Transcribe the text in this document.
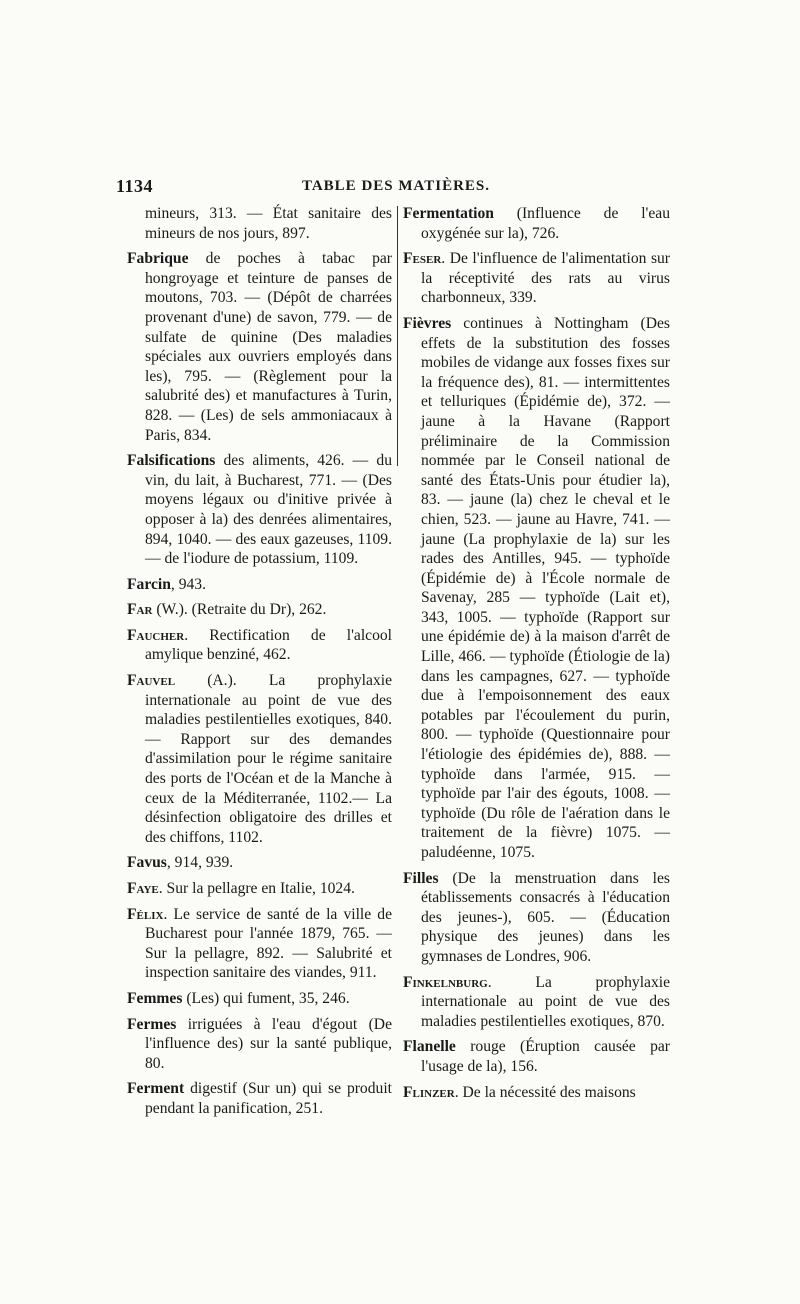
1134	TABLE DES MATIÈRES.

mineurs, 313. — État sanitaire des mineurs de nos jours, 897.

Fabrique de poches à tabac par hongroyage et teinture de panses de moutons, 703. — (Dépôt de charrées provenant d'une) de savon, 779. — de sulfate de quinine (Des maladies spéciales aux ouvriers employés dans les), 795. — (Règlement pour la salubrité des) et manufactures à Turin, 828. — (Les) de sels ammoniacaux à Paris, 834.

Falsifications des aliments, 426. — du vin, du lait, à Bucharest, 771. — (Des moyens légaux ou d'initive privée à opposer à la) des denrées alimentaires, 894, 1040. — des eaux gazeuses, 1109. — de l'iodure de potassium, 1109.

Farcin, 943.

Far (W.). (Retraite du Dr), 262.

Faucher. Rectification de l'alcool amylique benziné, 462.

Fauvel (A.). La prophylaxie internationale au point de vue des maladies pestilentielles exotiques, 840. — Rapport sur des demandes d'assimilation pour le régime sanitaire des ports de l'Océan et de la Manche à ceux de la Méditerranée, 1102.— La désinfection obligatoire des drilles et des chiffons, 1102.

Favus, 914, 939.

Faye. Sur la pellagre en Italie, 1024.

Félix. Le service de santé de la ville de Bucharest pour l'année 1879, 765. — Sur la pellagre, 892. — Salubrité et inspection sanitaire des viandes, 911.

Femmes (Les) qui fument, 35, 246.

Fermes irriguées à l'eau d'égout (De l'influence des) sur la santé publique, 80.

Ferment digestif (Sur un) qui se produit pendant la panification, 251.

Fermentation (Influence de l'eau oxygénée sur la), 726.

Feser. De l'influence de l'alimentation sur la réceptivité des rats au virus charbonneux, 339.

Fièvres continues à Nottingham (Des effets de la substitution des fosses mobiles de vidange aux fosses fixes sur la fréquence des), 81. — intermittentes et telluriques (Épidémie de), 372. — jaune à la Havane (Rapport préliminaire de la Commission nommée par le Conseil national de santé des États-Unis pour étudier la), 83. — jaune (la) chez le cheval et le chien, 523. — jaune au Havre, 741. — jaune (La prophylaxie de la) sur les rades des Antilles, 945. — typhoïde (Épidémie de) à l'École normale de Savenay, 285 — typhoïde (Lait et), 343, 1005. — typhoïde (Rapport sur une épidémie de) à la maison d'arrêt de Lille, 466. — typhoïde (Étiologie de la) dans les campagnes, 627. — typhoïde due à l'empoisonnement des eaux potables par l'écoulement du purin, 800. — typhoïde (Questionnaire pour l'étiologie des épidémies de), 888. — typhoïde dans l'armée, 915. — typhoïde par l'air des égouts, 1008. — typhoïde (Du rôle de l'aération dans le traitement de la fièvre) 1075. — paludéenne, 1075.

Filles (De la menstruation dans les établissements consacrés à l'éducation des jeunes-), 605. — (Éducation physique des jeunes) dans les gymnases de Londres, 906.

Finkelnburg. La prophylaxie internationale au point de vue des maladies pestilentielles exotiques, 870.

Flanelle rouge (Éruption causée par l'usage de la), 156.

Flinzer. De la nécessité des maisons
